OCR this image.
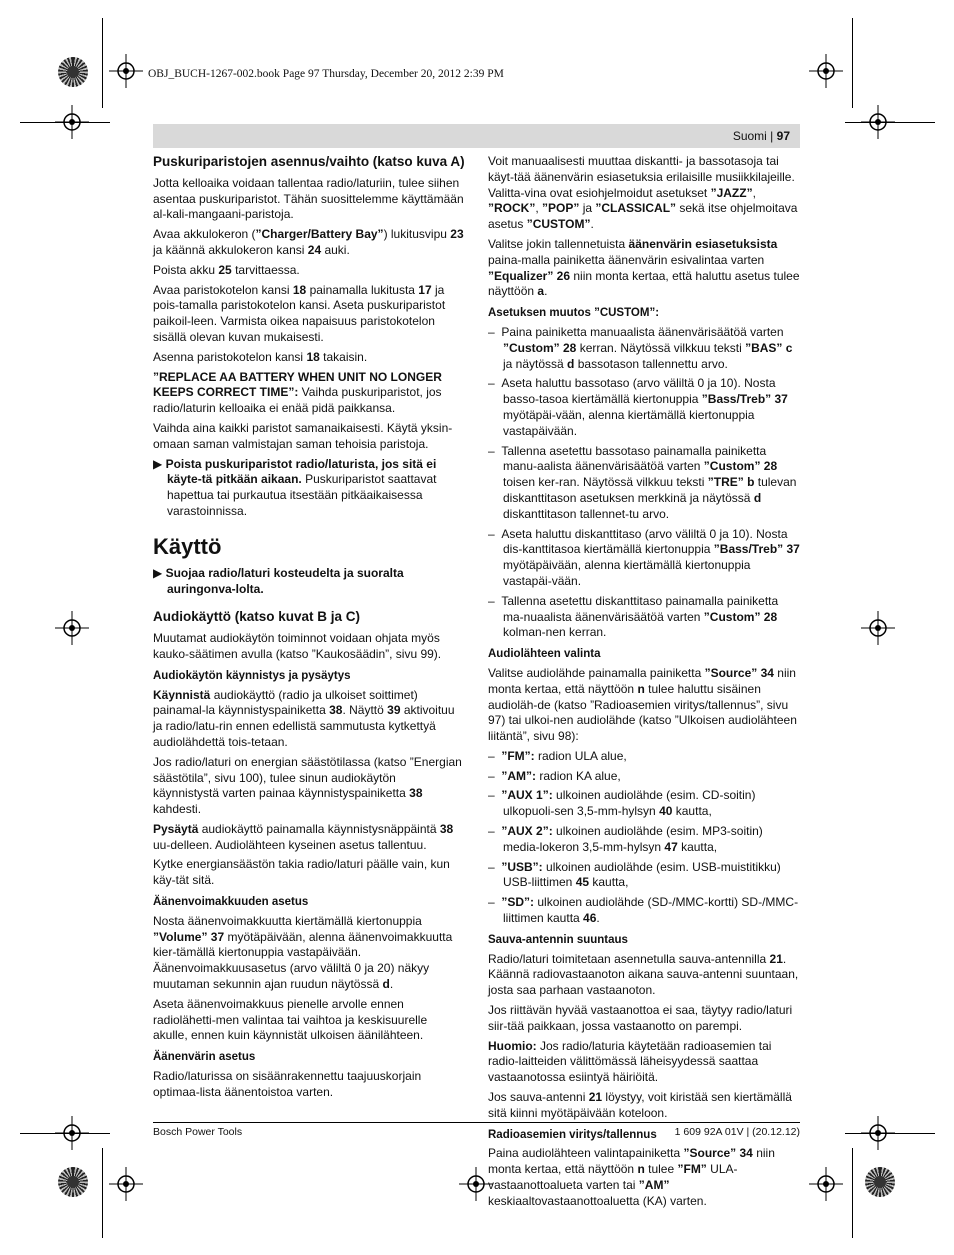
OBJ_BUCH-1267-002.book Page 97 Thursday, December 20, 2012 2:39 PM
Suomi | 97
Puskuriparistojen asennus/vaihto (katso kuva A)

Jotta kelloaika voidaan tallentaa radio/laturiin, tulee siihen asentaa puskuriparistot. Tähän suosittelemme käyttämään al-kali-mangaani-paristoja.

Avaa akkulokeron (”Charger/Battery Bay”) lukitusvipu 23 ja käännä akkulokeron kansi 24 auki.

Poista akku 25 tarvittaessa.

Avaa paristokotelon kansi 18 painamalla lukitusta 17 ja pois-tamalla paristokotelon kansi. Aseta puskuriparistot paikoil-leen. Varmista oikea napaisuus paristokotelon sisällä olevan kuvan mukaisesti.

Asenna paristokotelon kansi 18 takaisin.

”REPLACE AA BATTERY WHEN UNIT NO LONGER KEEPS CORRECT TIME”: Vaihda puskuriparistot, jos radio/laturin kelloaika ei enää pidä paikkansa.

Vaihda aina kaikki paristot samanaikaisesti. Käytä yksin-omaan saman valmistajan saman tehoisia paristoja.

▶ Poista puskuriparistot radio/laturista, jos sitä ei käyte-tä pitkään aikaan. Puskuriparistot saattavat hapettua tai purkautua itsestään pitkäaikaisessa varastoinnissa.

Käyttö

▶ Suojaa radio/laturi kosteudelta ja suoralta auringonva-lolta.

Audiokäyttö (katso kuvat B ja C)

Muutamat audiokäytön toiminnot voidaan ohjata myös kauko-säätimen avulla (katso ”Kaukosäädin”, sivu 99).

Audiokäytön käynnistys ja pysäytys

Käynnistä audiokäyttö (radio ja ulkoiset soittimet) painamal-la käynnistyspainiketta 38. Näyttö 39 aktivoituu ja radio/latu-rin ennen edellistä sammutusta kytkettyä audiolähdettä tois-tetaan.

Jos radio/laturi on energian säästötilassa (katso ”Energian säästötila”, sivu 100), tulee sinun audiokäytön käynnistystä varten painaa käynnistyspainiketta 38 kahdesti.

Pysäytä audiokäyttö painamalla käynnistysnäppäintä 38 uu-delleen. Audiolähteen kyseinen asetus tallentuu.

Kytke energiansäästön takia radio/laturi päälle vain, kun käy-tät sitä.

Äänenvoimakkuuden asetus

Nosta äänenvoimakkuutta kiertämällä kiertonuppia ”Volume” 37 myötäpäivään, alenna äänenvoimakkuutta kier-tämällä kiertonuppia vastapäivään. Äänenvoimakkuusasetus (arvo väliltä 0 ja 20) näkyy muutaman sekunnin ajan ruudun näytössä d.

Aseta äänenvoimakkuus pienelle arvolle ennen radiolähetti-men valintaa tai vaihtoa ja keskisuurelle akulle, ennen kuin käynnistät ulkoisen äänilähteen.

Äänenvärin asetus

Radio/laturissa on sisäänrakennettu taajuuskorjain optimaa-lista äänentoistoa varten.

Voit manuaalisesti muuttaa diskantti- ja bassotasoja tai käyt-tää äänenvärin esiasetuksia erilaisille musiikkilajeille. Valitta-vina ovat esiohjelmoidut asetukset ”JAZZ”, ”ROCK”, ”POP” ja ”CLASSICAL” sekä itse ohjelmoitava asetus ”CUSTOM”.

Valitse jokin tallennetuista äänenvärin esiasetuksista paina-malla painiketta äänenvärin esivalintaa varten ”Equalizer” 26 niin monta kertaa, että haluttu asetus tulee näyttöön a.

Asetuksen muutos ”CUSTOM”:

–  Paina painiketta manuaalista äänenvärisäätöä varten ”Custom” 28 kerran. Näytössä vilkkuu teksti ”BAS” c ja näytössä d bassotason tallennettu arvo.

–  Aseta haluttu bassotaso (arvo väliltä 0 ja 10). Nosta basso-tasoa kiertämällä kiertonuppia ”Bass/Treb” 37 myötäpäi-vään, alenna kiertämällä kiertonuppia vastapäivään.

–  Tallenna asetettu bassotaso painamalla painiketta manu-aalista äänenvärisäätöä varten ”Custom” 28 toisen ker-ran. Näytössä vilkkuu teksti ”TRE” b tulevan diskanttitason asetuksen merkkinä ja näytössä d diskanttitason tallennet-tu arvo.

–  Aseta haluttu diskanttitaso (arvo väliltä 0 ja 10). Nosta dis-kanttitasoa kiertämällä kiertonuppia ”Bass/Treb” 37 myötäpäivään, alenna kiertämällä kiertonuppia vastapäi-vään.

–  Tallenna asetettu diskanttitaso painamalla painiketta ma-nuaalista äänenvärisäätöä varten ”Custom” 28 kolman-nen kerran.

Audiolähteen valinta

Valitse audiolähde painamalla painiketta ”Source” 34 niin monta kertaa, että näyttöön n tulee haluttu sisäinen audioläh-de (katso ”Radioasemien viritys/tallennus”, sivu 97) tai ulkoi-nen audiolähde (katso ”Ulkoisen audiolähteen liitäntä”, sivu 98):

–  ”FM”: radion ULA alue,

–  ”AM”: radion KA alue,

–  ”AUX 1”: ulkoinen audiolähde (esim. CD-soitin) ulkopuoli-sen 3,5-mm-hylsyn 40 kautta,

–  ”AUX 2”: ulkoinen audiolähde (esim. MP3-soitin) media-lokeron 3,5-mm-hylsyn 47 kautta,

–  ”USB”: ulkoinen audiolähde (esim. USB-muistitikku) USB-liittimen 45 kautta,

–  ”SD”: ulkoinen audiolähde (SD-/MMC-kortti) SD-/MMC-liittimen kautta 46.

Sauva-antennin suuntaus

Radio/laturi toimitetaan asennetulla sauva-antennilla 21. Käännä radiovastaanoton aikana sauva-antenni suuntaan, josta saa parhaan vastaanoton.

Jos riittävän hyvää vastaanottoa ei saa, täytyy radio/laturi siir-tää paikkaan, jossa vastaanotto on parempi.

Huomio: Jos radio/laturia käytetään radioasemien tai radio-laitteiden välittömässä läheisyydessä saattaa vastaanotossa esiintyä häiriöitä.

Jos sauva-antenni 21 löystyy, voit kiristää sen kiertämällä sitä kiinni myötäpäivään koteloon.

Radioasemien viritys/tallennus

Paina audiolähteen valintapainiketta ”Source” 34 niin monta kertaa, että näyttöön n tulee ”FM” ULA-vastaanottoalueta varten tai ”AM” keskiaaltovastaanottoaluetta (KA) varten.

Bosch Power Tools	1 609 92A 01V | (20.12.12)
